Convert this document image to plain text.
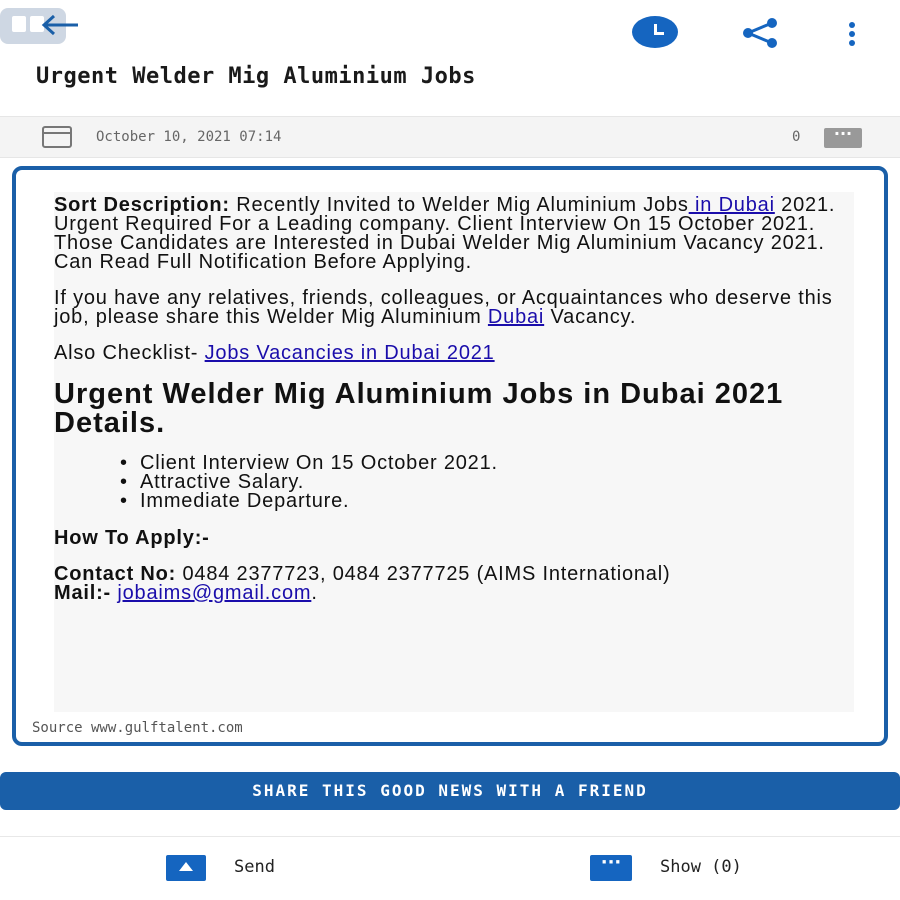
Urgent Welder Mig Aluminium Jobs
October 10, 2021 07:14	0
···
Source www.gulftalent.com

Sort Description: Recently Invited to Welder Mig Aluminium Jobs in Dubai 2021. Urgent Required For a Leading company. Client Interview On 15 October 2021. Those Candidates are Interested in Dubai Welder Mig Aluminium Vacancy 2021. Can Read Full Notification Before Applying.

If you have any relatives, friends, colleagues, or Acquaintances who deserve this job, please share this Welder Mig Aluminium Dubai Vacancy.

Also Checklist- Jobs Vacancies in Dubai 2021

Urgent Welder Mig Aluminium Jobs in Dubai 2021 Details.
• Client Interview On 15 October 2021.
• Attractive Salary.
• Immediate Departure.

How To Apply:-

Contact No: 0484 2377723, 0484 2377725 (AIMS International)
Mail:- jobaims@gmail.com.

SHARE THIS GOOD NEWS WITH A FRIEND
Send
···	Show (0)
